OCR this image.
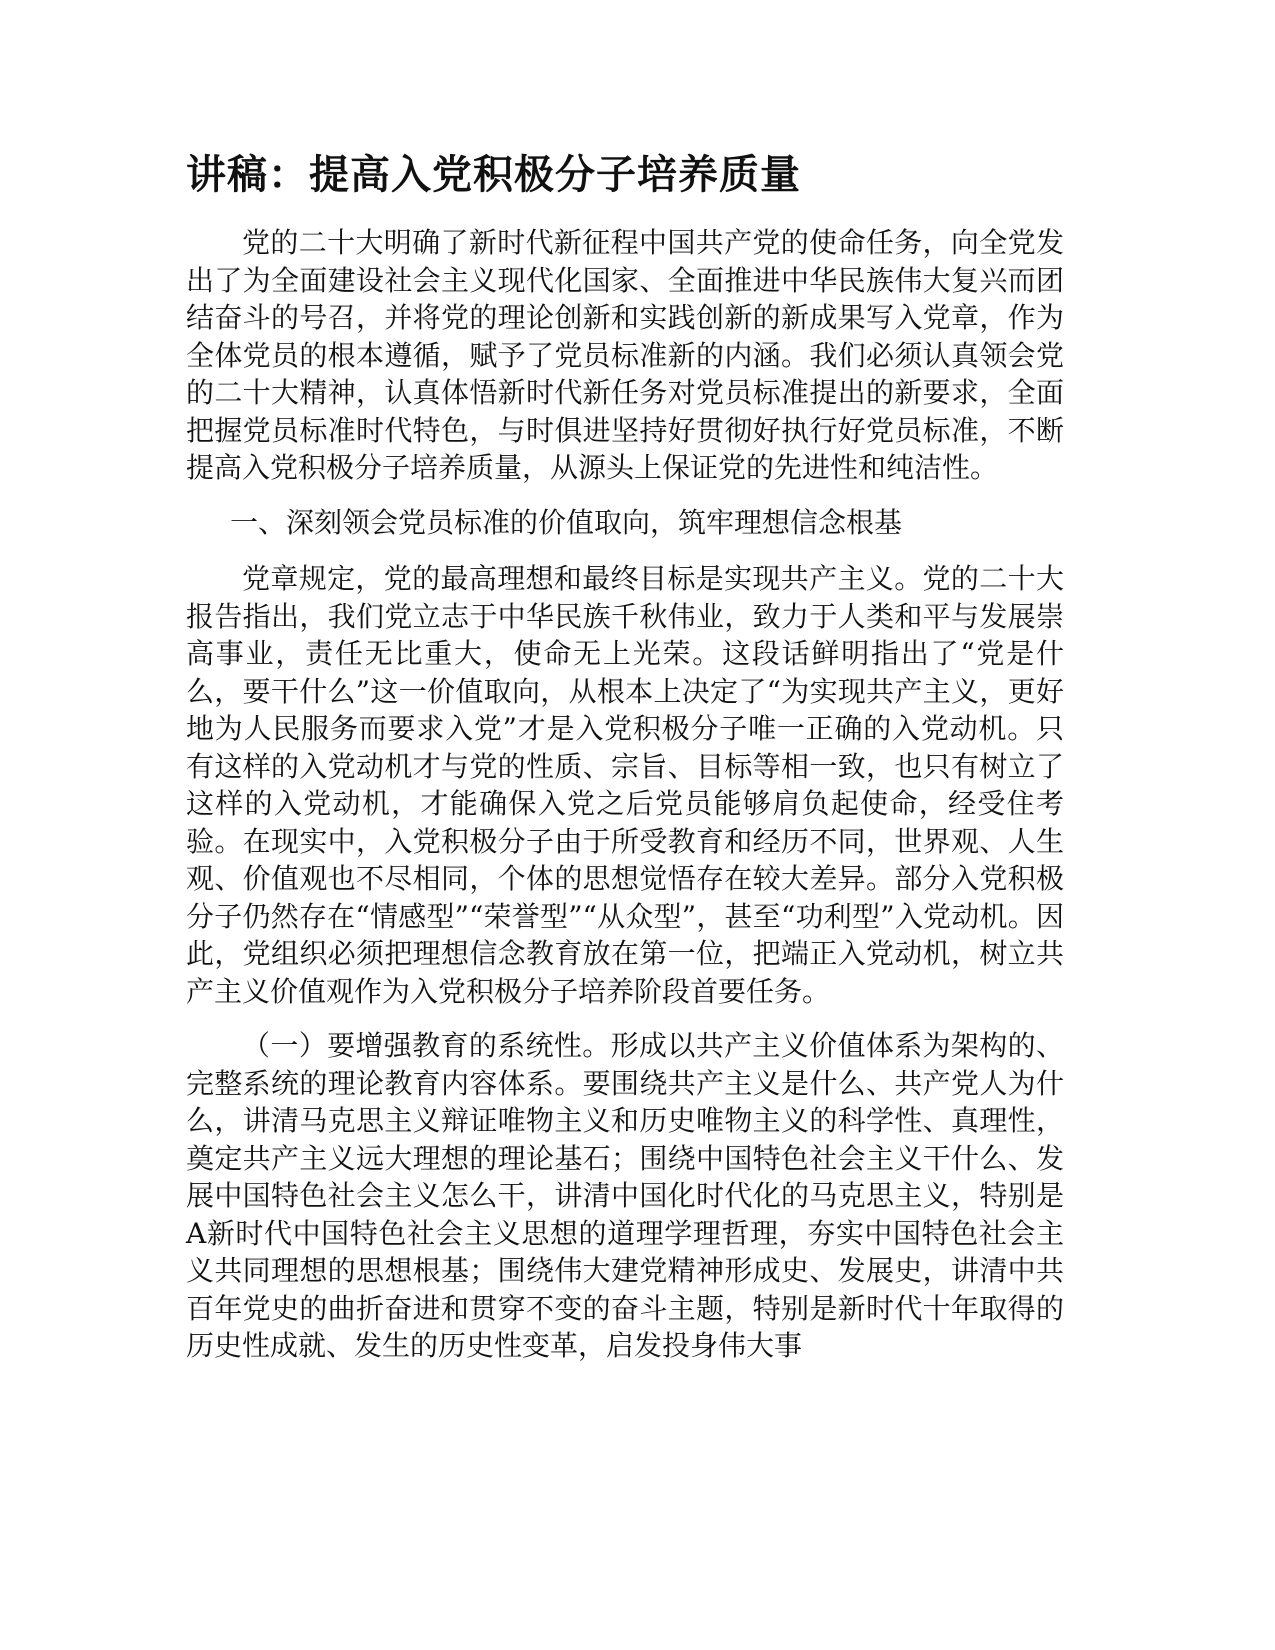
讲稿：提高入党积极分子培养质量

党的二十大明确了新时代新征程中国共产党的使命任务，向全党发出了为全面建设社会主义现代化国家、全面推进中华民族伟大复兴而团结奋斗的号召，并将党的理论创新和实践创新的新成果写入党章，作为全体党员的根本遵循，赋予了党员标准新的内涵。我们必须认真领会党的二十大精神，认真体悟新时代新任务对党员标准提出的新要求，全面把握党员标准时代特色，与时俱进坚持好贯彻好执行好党员标准，不断提高入党积极分子培养质量，从源头上保证党的先进性和纯洁性。

一、深刻领会党员标准的价值取向，筑牢理想信念根基

党章规定，党的最高理想和最终目标是实现共产主义。党的二十大报告指出，我们党立志于中华民族千秋伟业，致力于人类和平与发展崇高事业，责任无比重大，使命无上光荣。这段话鲜明指出了“党是什么，要干什么”这一价值取向，从根本上决定了“为实现共产主义，更好地为人民服务而要求入党”才是入党积极分子唯一正确的入党动机。只有这样的入党动机才与党的性质、宗旨、目标等相一致，也只有树立了这样的入党动机，才能确保入党之后党员能够肩负起使命，经受住考验。在现实中，入党积极分子由于所受教育和经历不同，世界观、人生观、价值观也不尽相同，个体的思想觉悟存在较大差异。部分入党积极分子仍然存在“情感型”“荣誉型”“从众型”，甚至“功利型”入党动机。因此，党组织必须把理想信念教育放在第一位，把端正入党动机，树立共产主义价值观作为入党积极分子培养阶段首要任务。

（一）要增强教育的系统性。形成以共产主义价值体系为架构的、完整系统的理论教育内容体系。要围绕共产主义是什么、共产党人为什么，讲清马克思主义辩证唯物主义和历史唯物主义的科学性、真理性，奠定共产主义远大理想的理论基石；围绕中国特色社会主义干什么、发展中国特色社会主义怎么干，讲清中国化时代化的马克思主义，特别是A新时代中国特色社会主义思想的道理学理哲理，夯实中国特色社会主义共同理想的思想根基；围绕伟大建党精神形成史、发展史，讲清中共百年党史的曲折奋进和贯穿不变的奋斗主题，特别是新时代十年取得的历史性成就、发生的历史性变革，启发投身伟大事
